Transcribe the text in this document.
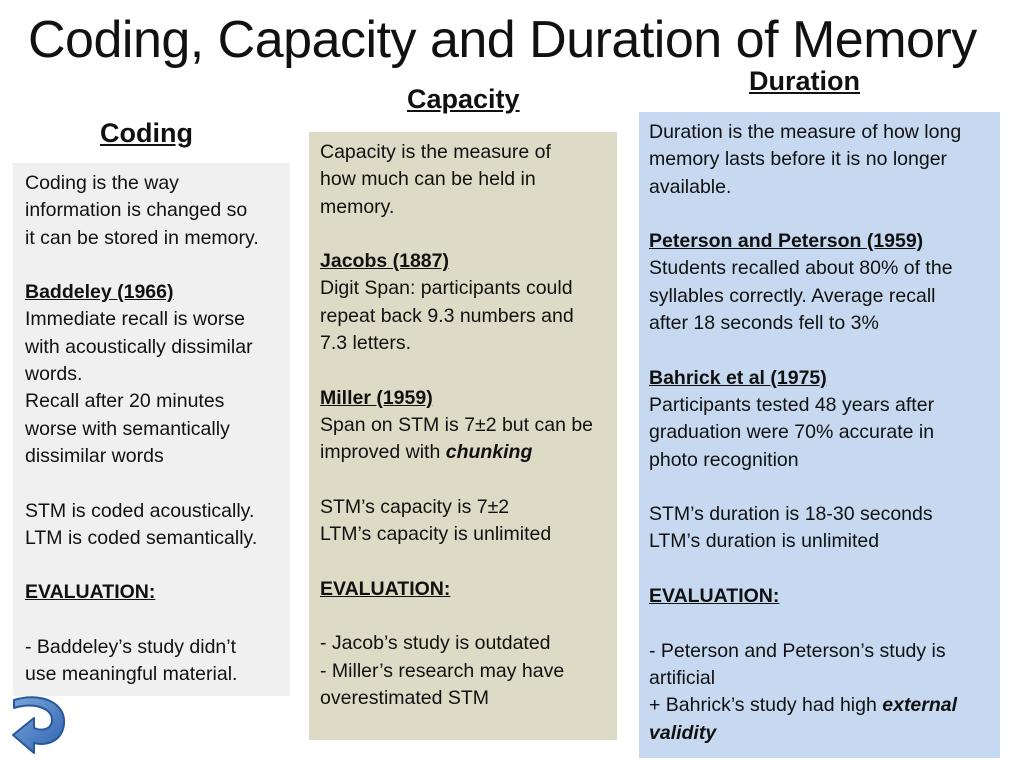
Coding, Capacity and Duration of Memory
Coding
Capacity
Duration

Coding is the way

information is changed so

it can be stored in memory.

Baddeley (1966)

Immediate recall is worse

with acoustically dissimilar

words.

Recall after 20 minutes

worse with semantically

dissimilar words

STM is coded acoustically.

LTM is coded semantically.

EVALUATION:

- Baddeley’s study didn’t

use meaningful material.

Capacity is the measure of

how much can be held in

memory.

Jacobs (1887)

Digit Span: participants could

repeat back 9.3 numbers and

7.3 letters.

Miller (1959)

Span on STM is 7±2 but can be

improved with chunking

STM’s capacity is 7±2

LTM’s capacity is unlimited

EVALUATION:

- Jacob’s study is outdated

- Miller’s research may have

overestimated STM

Duration is the measure of how long

memory lasts before it is no longer

available.

Peterson and Peterson (1959)

Students recalled about 80% of the

syllables correctly. Average recall

after 18 seconds fell to 3%

Bahrick et al (1975)

Participants tested 48 years after

graduation were 70% accurate in

photo recognition

STM’s duration is 18-30 seconds

LTM’s duration is unlimited

EVALUATION:

- Peterson and Peterson’s study is

artificial

+ Bahrick’s study had high external

validity
